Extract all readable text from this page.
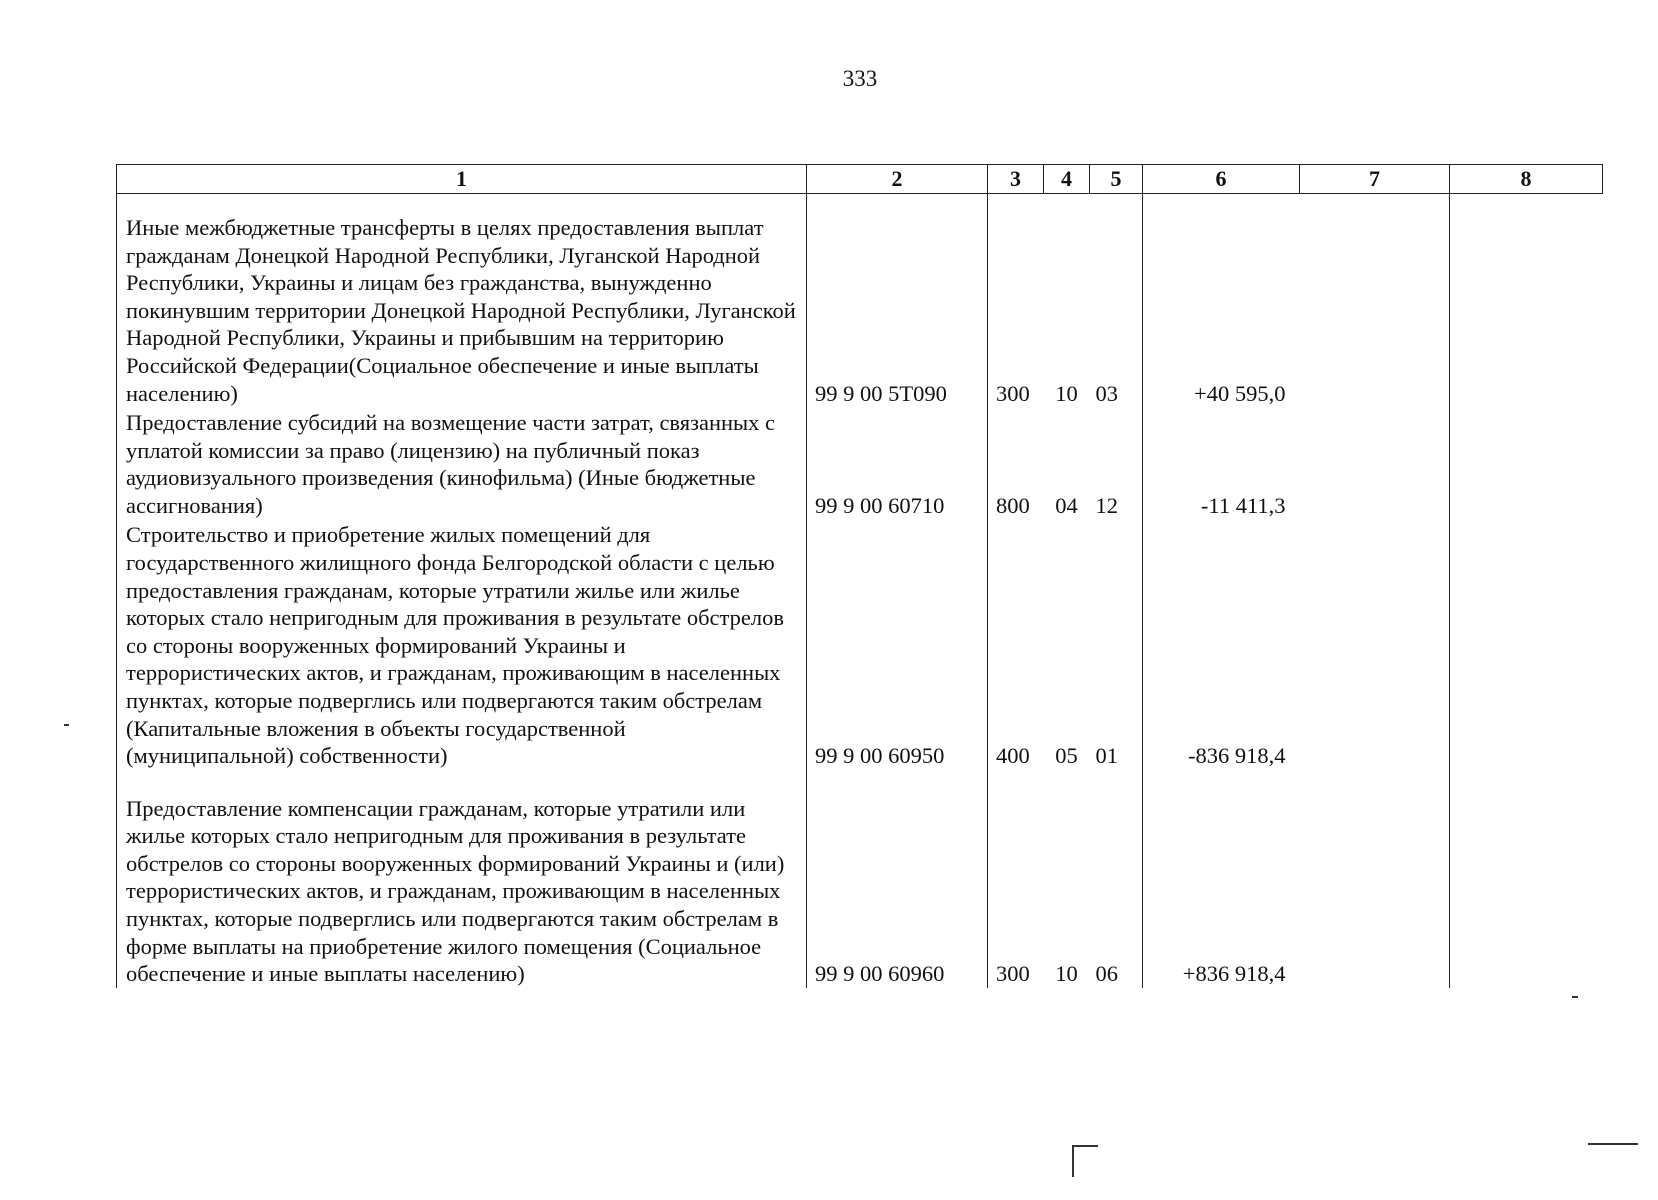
333
1	2	3	4	5	6	7	8
Иные межбюджетные трансферты в целях предоставления выплат гражданам Донецкой Народной Республики, Луганской Народной Республики, Украины и лицам без гражданства, вынужденно покинувшим территории Донецкой Народной Республики, Луганской Народной Республики, Украины и прибывшим на территорию Российской Федерации(Социальное обеспечение и иные выплаты населению)	99 9 00 5Т090	300	10	03	+40 595,0		
Предоставление субсидий на возмещение части затрат, связанных с уплатой комиссии за право (лицензию) на публичный показ аудиовизуального произведения (кинофильма) (Иные бюджетные ассигнования)	99 9 00 60710	800	04	12	-11 411,3		
Строительство и приобретение жилых помещений для государственного жилищного фонда Белгородской области с целью предоставления гражданам, которые утратили жилье или жилье которых стало непригодным для проживания в результате обстрелов со стороны вооруженных формирований Украины и террористических актов, и гражданам, проживающим в населенных пунктах, которые подверглись или подвергаются таким обстрелам (Капитальные вложения в объекты государственной (муниципальной) собственности)	99 9 00 60950	400	05	01	-836 918,4		
Предоставление компенсации гражданам, которые утратили или жилье которых стало непригодным для проживания в результате обстрелов со стороны вооруженных формирований Украины и (или) террористических актов, и гражданам, проживающим в населенных пунктах, которые подверглись или подвергаются таким обстрелам в форме выплаты на приобретение жилого помещения (Социальное обеспечение и иные выплаты населению)	99 9 00 60960	300	10	06	+836 918,4		
